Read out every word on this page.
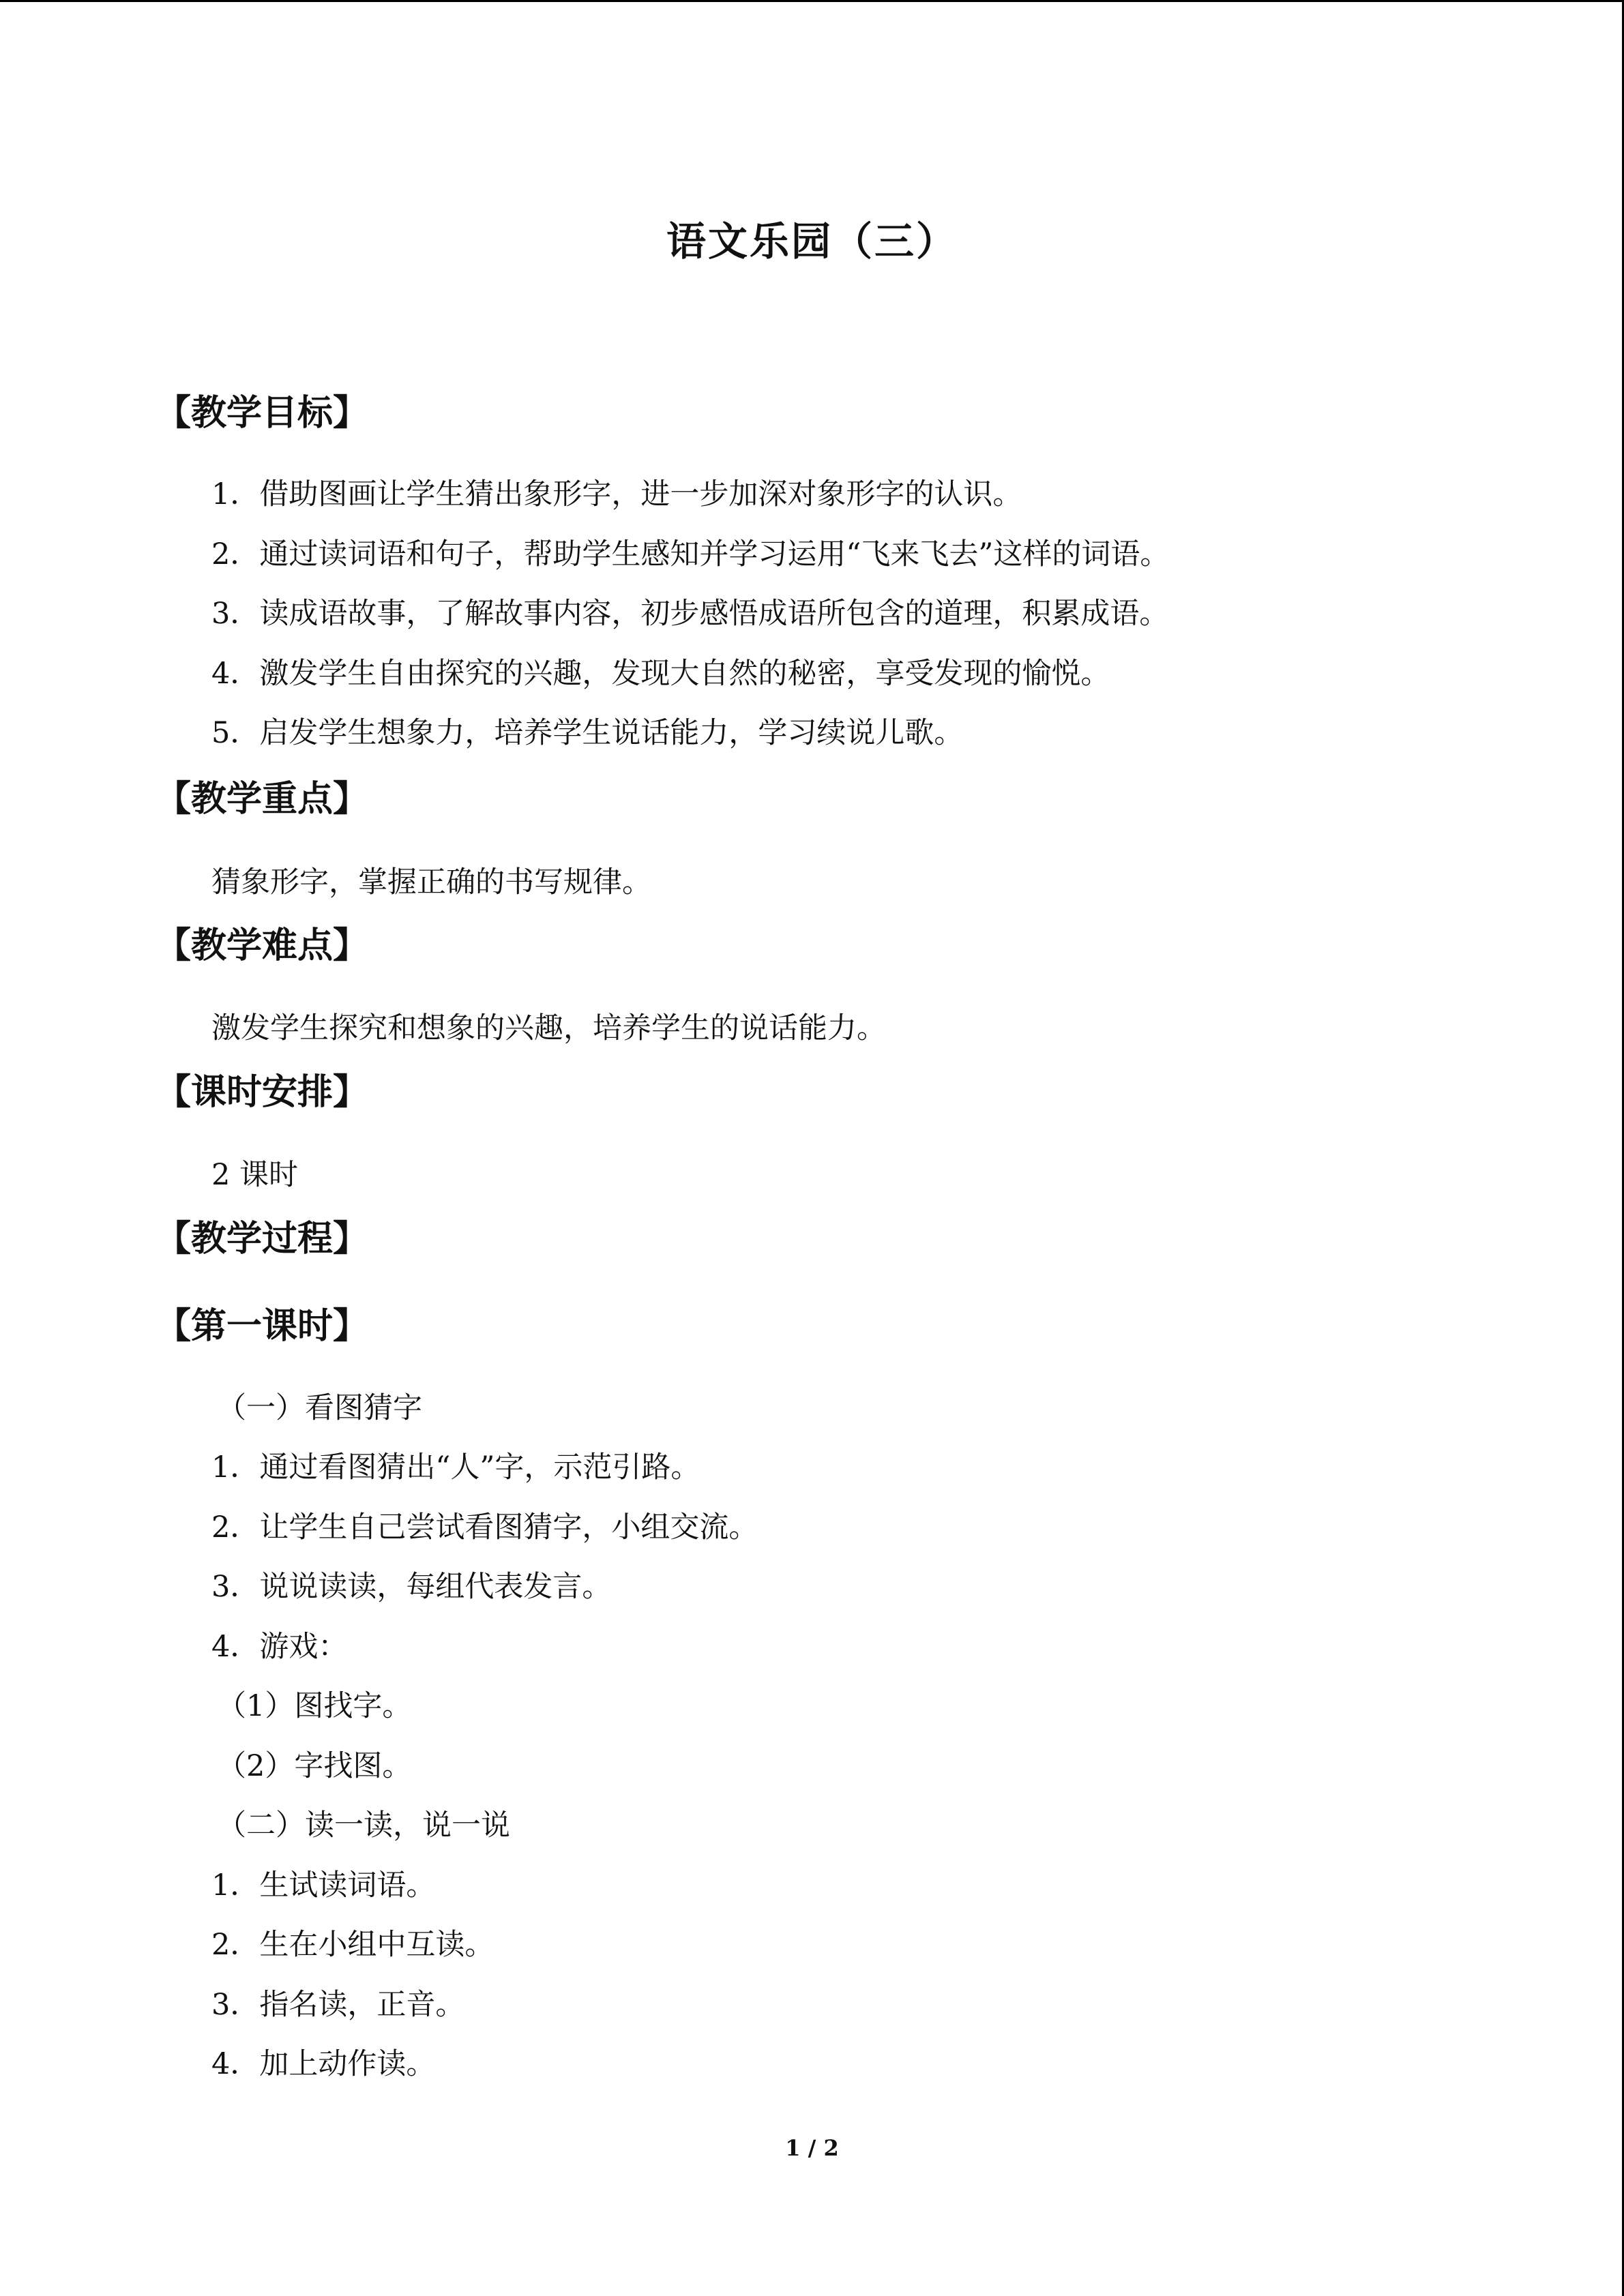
语文乐园（三）
【教学目标】
1．借助图画让学生猜出象形字，进一步加深对象形字的认识。
2．通过读词语和句子，帮助学生感知并学习运用“飞来飞去”这样的词语。
3．读成语故事，了解故事内容，初步感悟成语所包含的道理，积累成语。
4．激发学生自由探究的兴趣，发现大自然的秘密，享受发现的愉悦。
5．启发学生想象力，培养学生说话能力，学习续说儿歌。
【教学重点】
猜象形字，掌握正确的书写规律。
【教学难点】
激发学生探究和想象的兴趣，培养学生的说话能力。
【课时安排】
2 课时
【教学过程】
【第一课时】
（一）看图猜字
1．通过看图猜出“人”字，示范引路。
2．让学生自己尝试看图猜字，小组交流。
3．说说读读，每组代表发言。
4．游戏：
（1）图找字。
（2）字找图。
（二）读一读，说一说
1．生试读词语。
2．生在小组中互读。
3．指名读，正音。
4．加上动作读。
1 / 2
